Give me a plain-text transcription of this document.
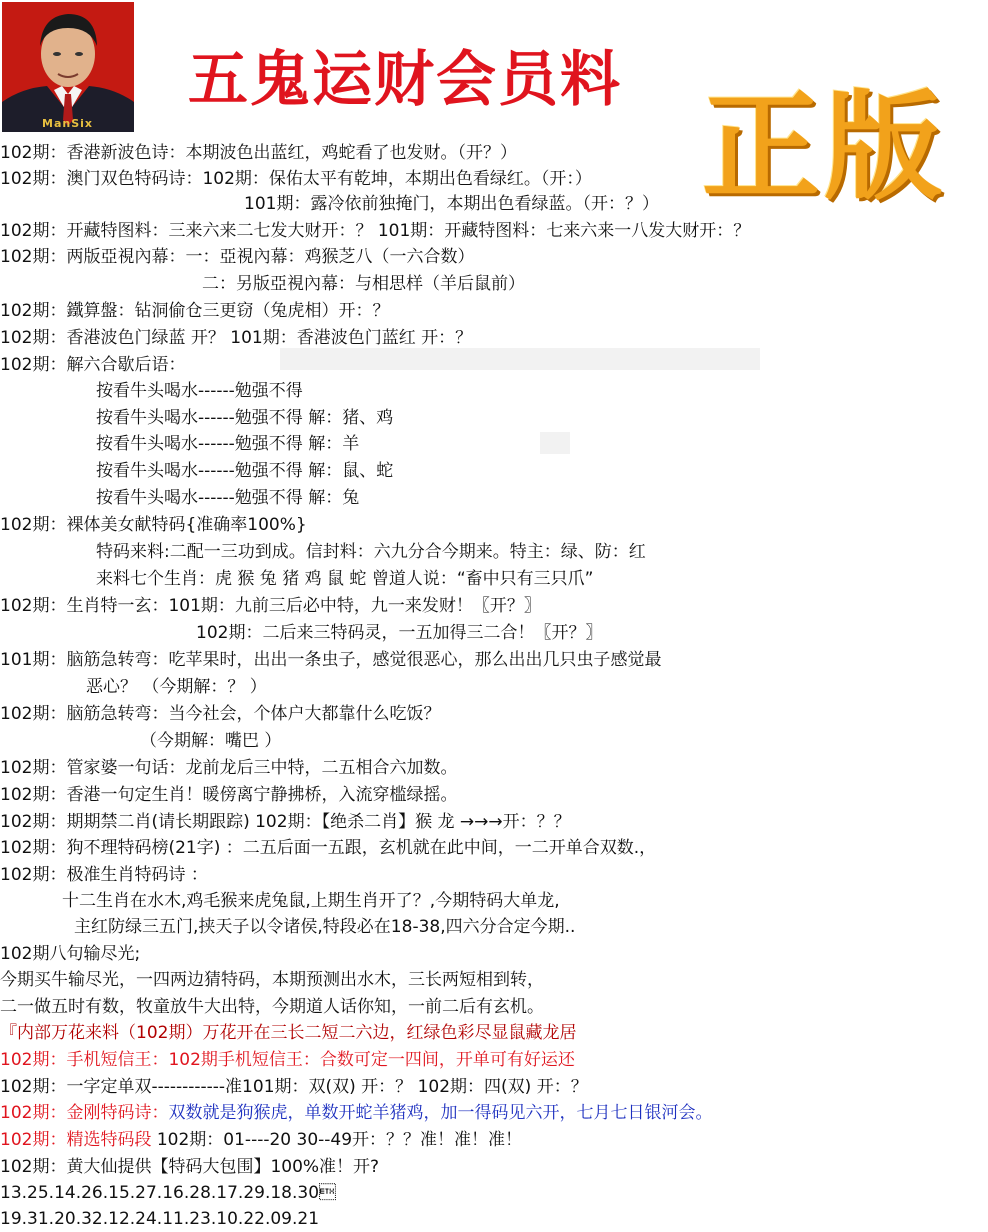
ManSix
五鬼运财会员料 正版
102期：香港新波色诗：本期波色出蓝红，鸡蛇看了也发财。（开？）
102期：澳门双色特码诗：102期：保佑太平有乾坤，本期出色看绿红。（开：）
101期：露冷依前独掩门，本期出色看绿蓝。（开：？）
102期：开藏特图料：三来六来二七发大财开：？ 101期：开藏特图料：七来六来一八发大财开：？
102期：两版亞視內幕：一：亞視內幕：鸡猴芝八（一六合数）
二：另版亞視內幕：与相思样（羊后鼠前）
102期：鐵算盤：钻洞偷仓三更窃（兔虎相）开：？
102期：香港波色门绿蓝 开？ 101期：香港波色门蓝红 开：？
102期：解六合歇后语：
按看牛头喝水------勉强不得
按看牛头喝水------勉强不得 解：猪、鸡
按看牛头喝水------勉强不得 解：羊
按看牛头喝水------勉强不得 解：鼠、蛇
按看牛头喝水------勉强不得 解：兔
102期：裸体美女献特码{准确率100%}
特码来料:二配一三功到成。信封料：六九分合今期来。特主：绿、防：红
来料七个生肖：虎 猴 兔 猪 鸡 鼠 蛇 曾道人说：“畜中只有三只爪”
102期：生肖特一玄：101期：九前三后必中特，九一来发财！〖开？〗
102期：二后来三特码灵，一五加得三二合！〖开？〗
101期：脑筋急转弯：吃苹果时，出出一条虫子，感觉很恶心，那么出出几只虫子感觉最
恶心？ （今期解：？ ）
102期：脑筋急转弯：当今社会，个体户大都靠什么吃饭？
（今期解：嘴巴 ）
102期：管家婆一句话：龙前龙后三中特，二五相合六加数。
102期：香港一句定生肖！暖傍离宁静拂桥，入流穿槛绿摇。
102期：期期禁二肖(请长期跟踪) 102期：【绝杀二肖】猴 龙 →→→开：？？
102期：狗不理特码榜(21字) ：二五后面一五跟，玄机就在此中间，一二开单合双数.，
102期：极准生肖特码诗 ：
十二生肖在水木,鸡毛猴来虎兔鼠,上期生肖开了？,今期特码大单龙,
主红防绿三五门,挟天子以令诸侯,特段必在18-38,四六分合定今期..
102期八句输尽光;
今期买牛输尽光，一四两边猜特码，本期预测出水木，三长两短相到转，
二一做五时有数，牧童放牛大出特，今期道人话你知，一前二后有玄机。
『内部万花来料（102期）万花开在三长二短二六边，红绿色彩尽显鼠藏龙居
102期：手机短信王：102期手机短信王：合数可定一四间，开单可有好运还
102期：一字定单双------------准101期：双(双) 开：？ 102期：四(双) 开：？
102期：金刚特码诗：双数就是狗猴虎，单数开蛇羊猪鸡，加一得码见六开，七月七日银河会。
102期：精选特码段 102期：01----20 30--49开：？？准！准！准！
102期：黄大仙提供【特码大包围】100%准！开?
13.25.14.26.15.27.16.28.17.29.18.30
19.31.20.32.12.24.11.23.10.22.09.21
